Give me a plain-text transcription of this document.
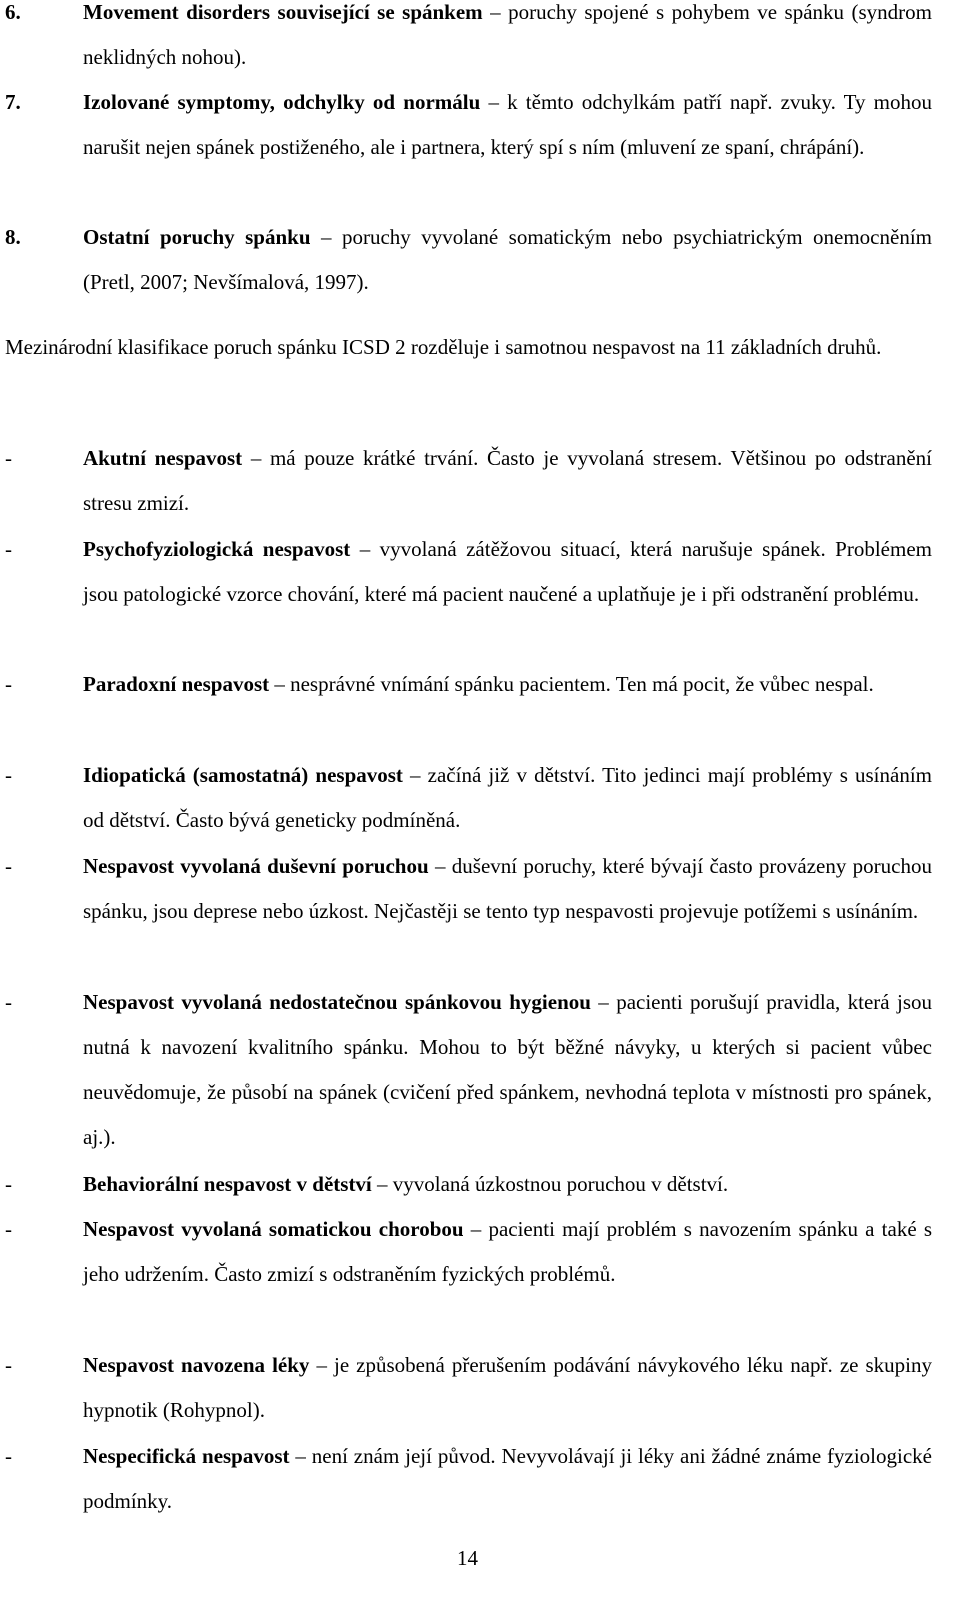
6.	Movement disorders související se spánkem – poruchy spojené s pohybem ve spánku (syndrom neklidných nohou).
7.	Izolované symptomy, odchylky od normálu – k těmto odchylkám patří např. zvuky. Ty mohou narušit nejen spánek postiženého, ale i partnera, který spí s ním (mluvení ze spaní, chrápání).
8.	Ostatní poruchy spánku – poruchy vyvolané somatickým nebo psychiatrickým onemocněním (Pretl, 2007; Nevšímalová, 1997).
Mezinárodní klasifikace poruch spánku ICSD 2 rozděluje i samotnou nespavost na 11 základních druhů.
-	Akutní nespavost – má pouze krátké trvání. Často je vyvolaná stresem. Většinou po odstranění stresu zmizí.
-	Psychofyziologická nespavost – vyvolaná zátěžovou situací, která narušuje spánek. Problémem jsou patologické vzorce chování, které má pacient naučené a uplatňuje je i při odstranění problému.
-	Paradoxní nespavost – nesprávné vnímání spánku pacientem. Ten má pocit, že vůbec nespal.
-	Idiopatická (samostatná) nespavost – začíná již v dětství. Tito jedinci mají problémy s usínáním od dětství. Často bývá geneticky podmíněná.
-	Nespavost vyvolaná duševní poruchou – duševní poruchy, které bývají často provázeny poruchou spánku, jsou deprese nebo úzkost. Nejčastěji se tento typ nespavosti projevuje potížemi s usínáním.
-	Nespavost vyvolaná nedostatečnou spánkovou hygienou – pacienti porušují pravidla, která jsou nutná k navození kvalitního spánku. Mohou to být běžné návyky, u kterých si pacient vůbec neuvědomuje, že působí na spánek (cvičení před spánkem, nevhodná teplota v místnosti pro spánek, aj.).
-	Behaviorální nespavost v dětství – vyvolaná úzkostnou poruchou v dětství.
-	Nespavost vyvolaná somatickou chorobou – pacienti mají problém s navozením spánku a také s jeho udržením. Často zmizí s odstraněním fyzických problémů.
-	Nespavost navozena léky – je způsobená přerušením podávání návykového léku např. ze skupiny hypnotik (Rohypnol).
-	Nespecifická nespavost – není znám její původ. Nevyvolávají ji léky ani žádné známe fyziologické podmínky.
14
